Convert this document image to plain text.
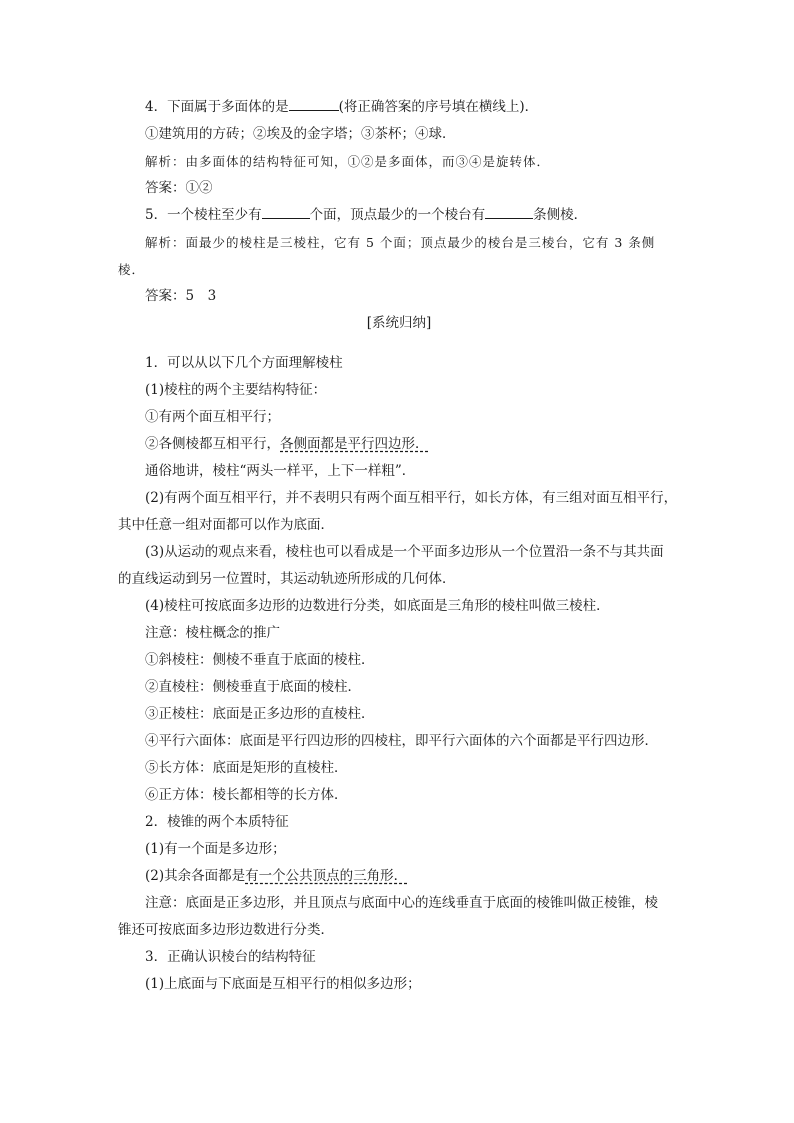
4．下面属于多面体的是	(将正确答案的序号填在横线上)．
①建筑用的方砖；②埃及的金字塔；③茶杯；④球．
解析：由多面体的结构特征可知，①②是多面体，而③④是旋转体．
答案：①②
5．一个棱柱至少有	个面，顶点最少的一个棱台有	条侧棱．
解析：面最少的棱柱是三棱柱，它有 5 个面；顶点最少的棱台是三棱台，它有 3 条侧
棱．
答案：5　3
[系统归纳]
1．可以从以下几个方面理解棱柱
(1)棱柱的两个主要结构特征：
①有两个面互相平行；
②各侧棱都互相平行，各侧面都是平行四边形．
通俗地讲，棱柱“两头一样平，上下一样粗”．
(2)有两个面互相平行，并不表明只有两个面互相平行，如长方体，有三组对面互相平行，
其中任意一组对面都可以作为底面．
(3)从运动的观点来看，棱柱也可以看成是一个平面多边形从一个位置沿一条不与其共面
的直线运动到另一位置时，其运动轨迹所形成的几何体．
(4)棱柱可按底面多边形的边数进行分类，如底面是三角形的棱柱叫做三棱柱．
注意：棱柱概念的推广
①斜棱柱：侧棱不垂直于底面的棱柱．
②直棱柱：侧棱垂直于底面的棱柱．
③正棱柱：底面是正多边形的直棱柱．
④平行六面体：底面是平行四边形的四棱柱，即平行六面体的六个面都是平行四边形．
⑤长方体：底面是矩形的直棱柱．
⑥正方体：棱长都相等的长方体．
2．棱锥的两个本质特征
(1)有一个面是多边形；
(2)其余各面都是有一个公共顶点的三角形．
注意：底面是正多边形，并且顶点与底面中心的连线垂直于底面的棱锥叫做正棱锥，棱
锥还可按底面多边形边数进行分类．
3．正确认识棱台的结构特征
(1)上底面与下底面是互相平行的相似多边形；
